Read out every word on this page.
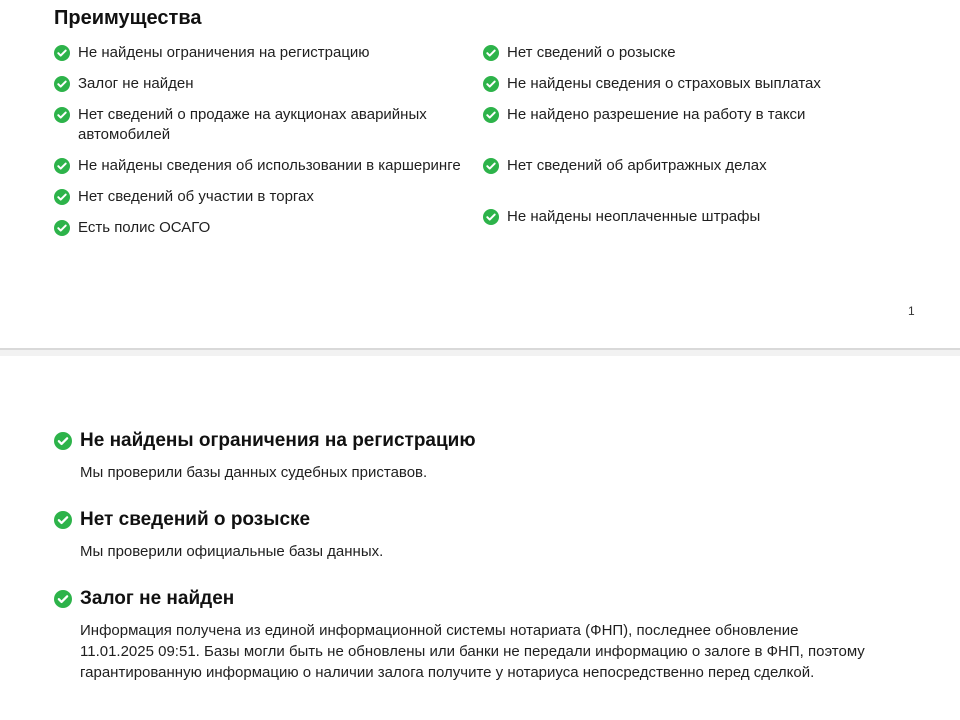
Преимущества
Не найдены ограничения на регистрацию
Залог не найден
Нет сведений о продаже на аукционах аварийных автомобилей
Не найдены сведения об использовании в каршеринге
Нет сведений об участии в торгах
Есть полис ОСАГО
Нет сведений о розыске
Не найдены сведения о страховых выплатах
Не найдено разрешение на работу в такси
Нет сведений об арбитражных делах
Не найдены неоплаченные штрафы
1
Не найдены ограничения на регистрацию

Мы проверили базы данных судебных приставов.

Нет сведений о розыске

Мы проверили официальные базы данных.

Залог не найден

Информация получена из единой информационной системы нотариата (ФНП), последнее обновление 11.01.2025 09:51. Базы могли быть не обновлены или банки не передали информацию о залоге в ФНП, поэтому гарантированную информацию о наличии залога получите у нотариуса непосредственно перед сделкой.
